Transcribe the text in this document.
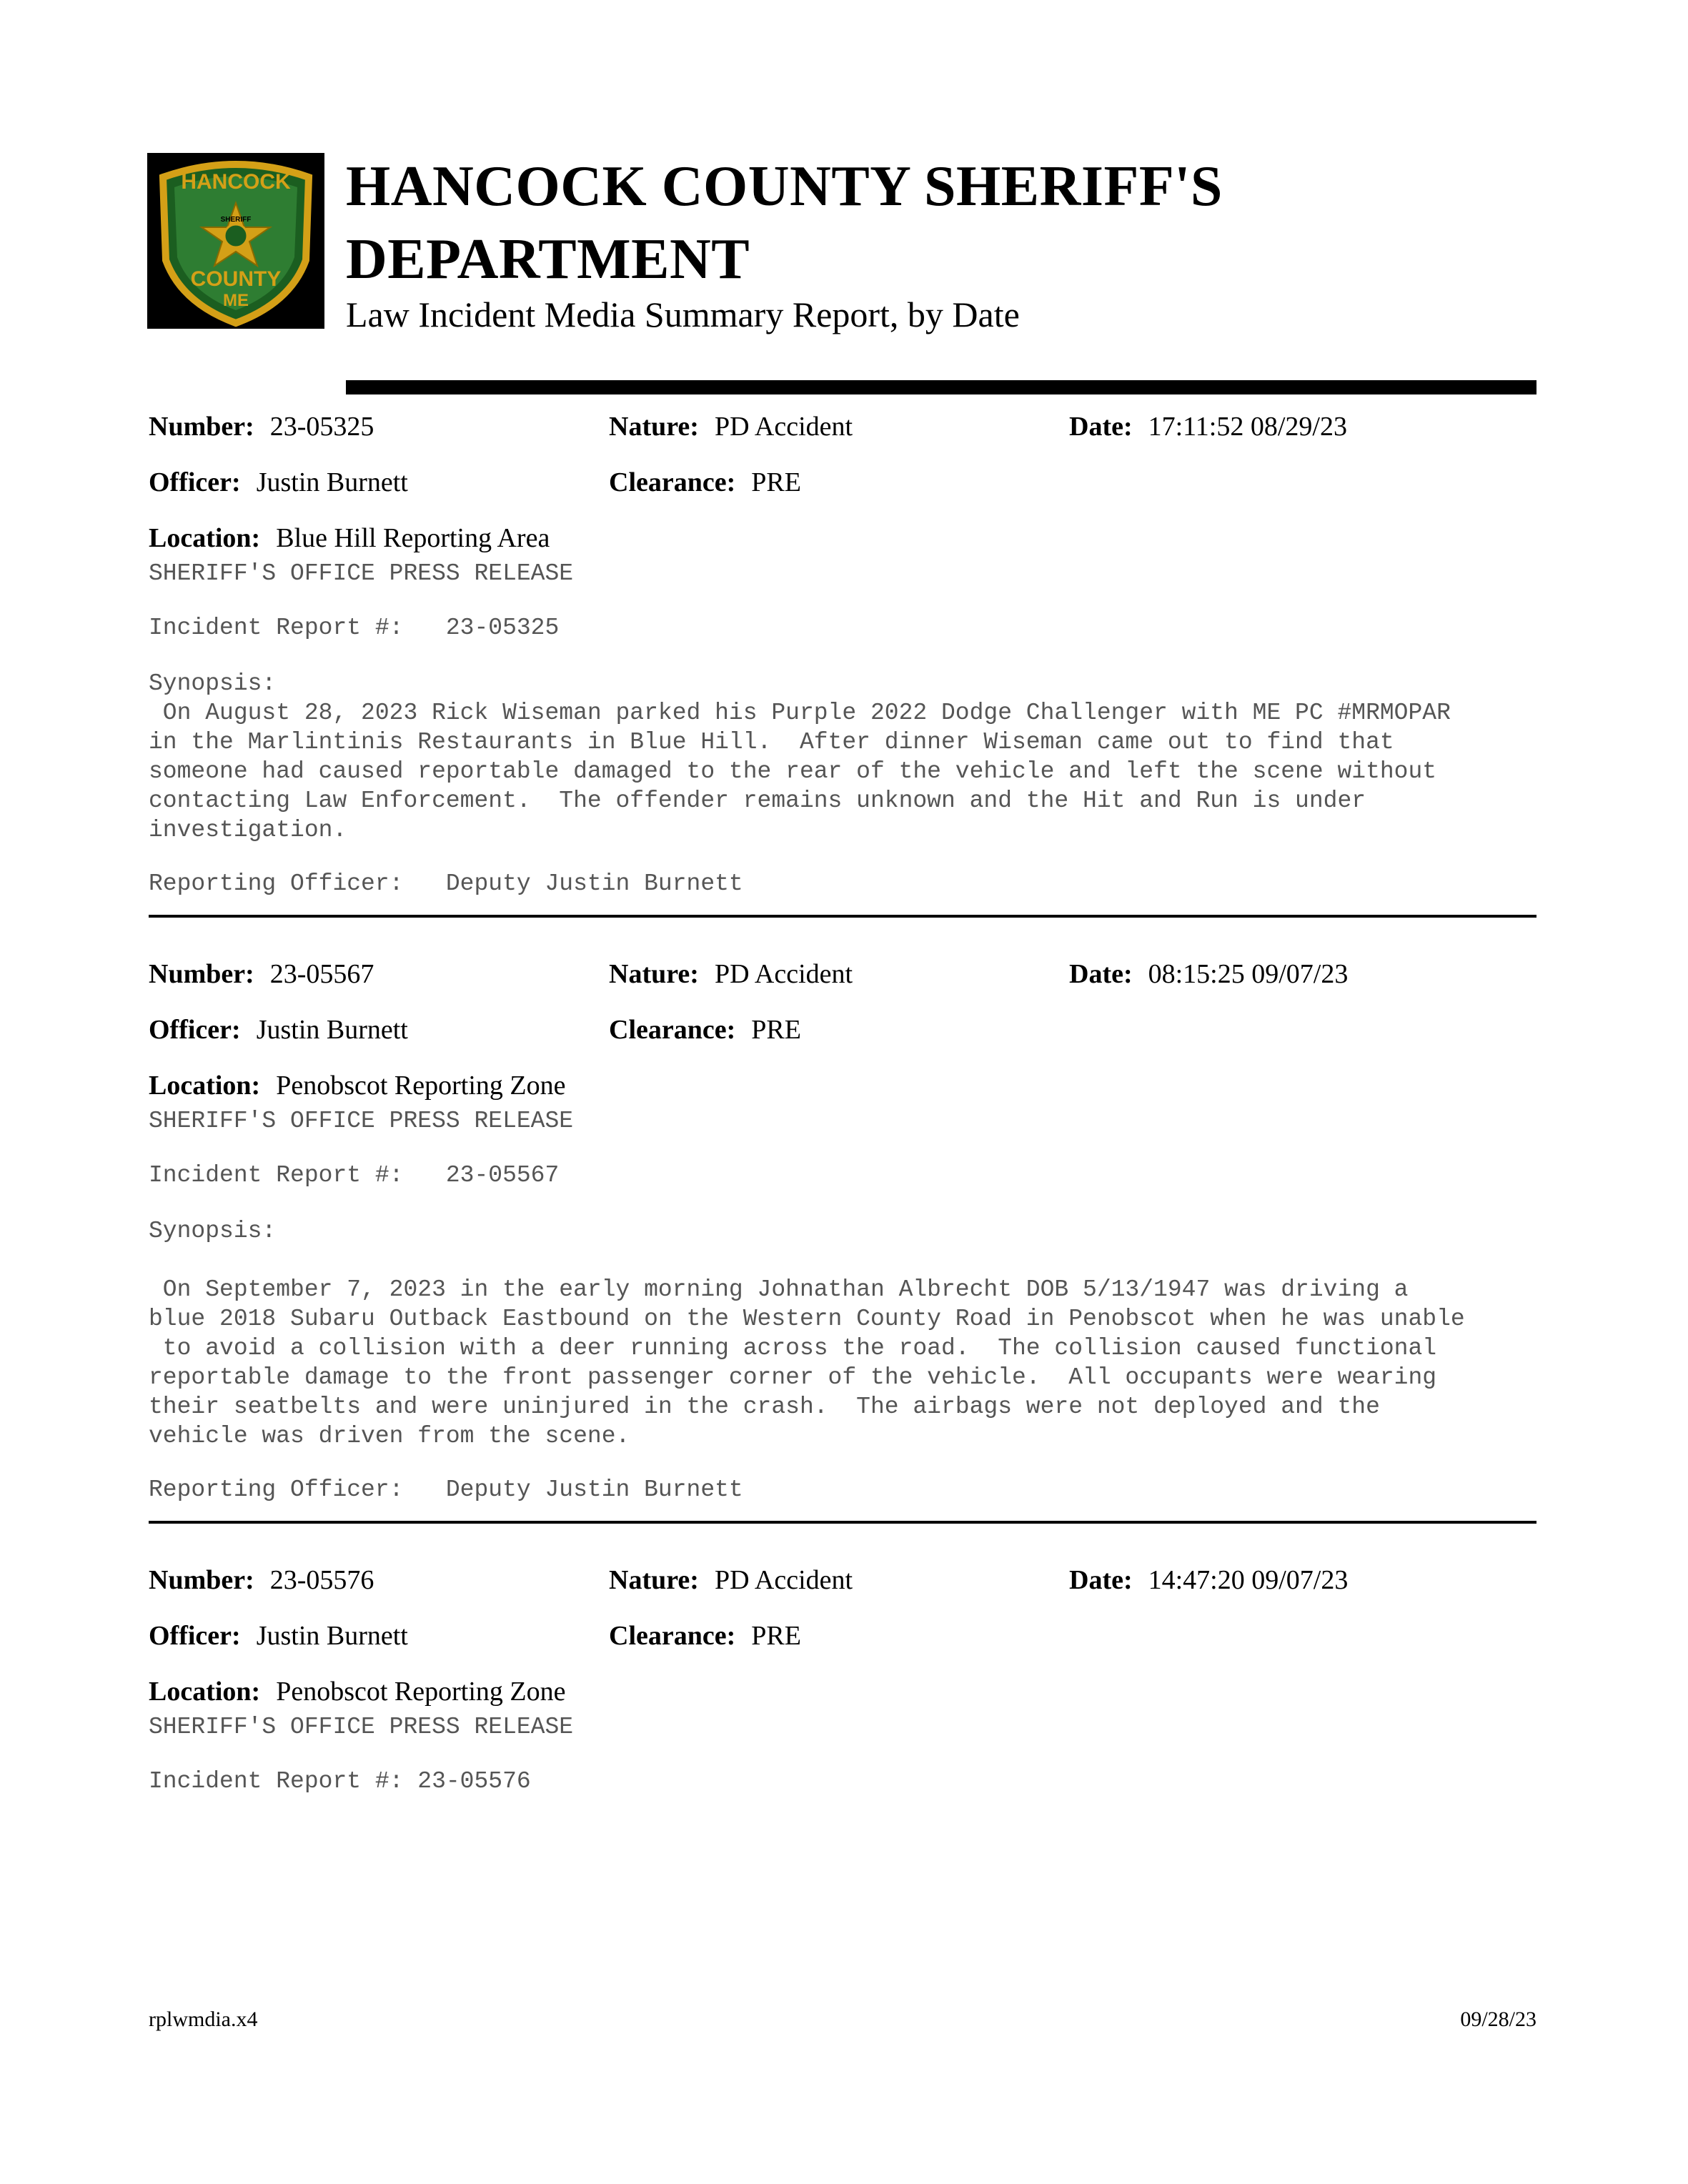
HANCOCK
SHERIFF
COUNTY
ME
HANCOCK COUNTY SHERIFF'S
DEPARTMENT
Law Incident Media Summary Report, by Date
Number: 23-05325	Nature: PD Accident	Date: 17:11:52 08/29/23
Officer: Justin Burnett	Clearance: PRE
Location: Blue Hill Reporting Area
SHERIFF'S OFFICE PRESS RELEASE
Incident Report #:   23-05325
Synopsis:
On August 28, 2023 Rick Wiseman parked his Purple 2022 Dodge Challenger with ME PC #MRMOPAR
in the Marlintinis Restaurants in Blue Hill.  After dinner Wiseman came out to find that
someone had caused reportable damaged to the rear of the vehicle and left the scene without
contacting Law Enforcement.  The offender remains unknown and the Hit and Run is under
investigation.
Reporting Officer:   Deputy Justin Burnett
Number: 23-05567	Nature: PD Accident	Date: 08:15:25 09/07/23
Officer: Justin Burnett	Clearance: PRE
Location: Penobscot Reporting Zone
SHERIFF'S OFFICE PRESS RELEASE
Incident Report #:   23-05567
Synopsis:
On September 7, 2023 in the early morning Johnathan Albrecht DOB 5/13/1947 was driving a
blue 2018 Subaru Outback Eastbound on the Western County Road in Penobscot when he was unable
to avoid a collision with a deer running across the road.  The collision caused functional
reportable damage to the front passenger corner of the vehicle.  All occupants were wearing
their seatbelts and were uninjured in the crash.  The airbags were not deployed and the
vehicle was driven from the scene.
Reporting Officer:   Deputy Justin Burnett
Number: 23-05576	Nature: PD Accident	Date: 14:47:20 09/07/23
Officer: Justin Burnett	Clearance: PRE
Location: Penobscot Reporting Zone
SHERIFF'S OFFICE PRESS RELEASE
Incident Report #: 23-05576
rplwmdia.x4	09/28/23
